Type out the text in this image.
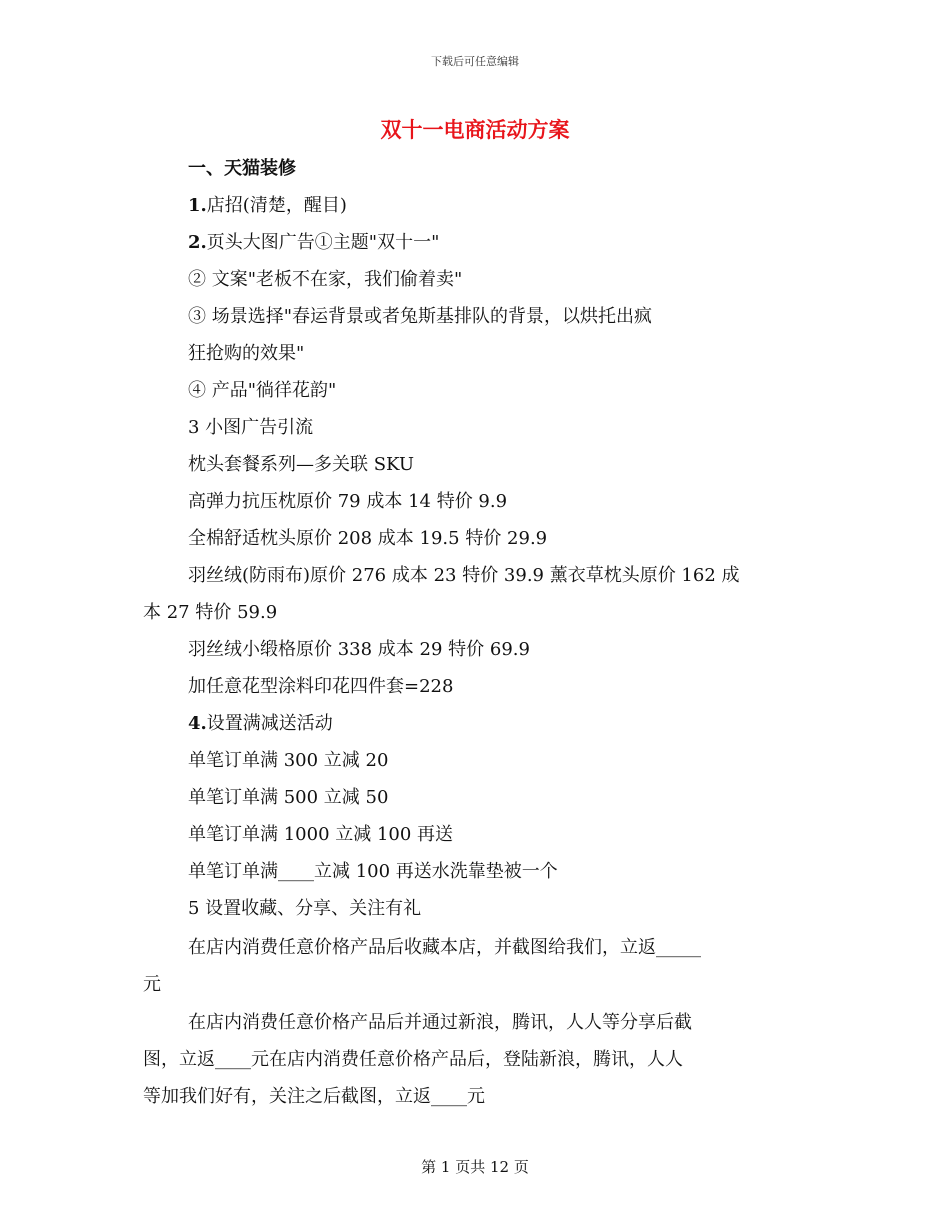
下载后可任意编辑
双十一电商活动方案
一、天猫装修
1.店招(清楚，醒目)
2.页头大图广告①主题"双十一"
② 文案"老板不在家，我们偷着卖"
③ 场景选择"春运背景或者兔斯基排队的背景，以烘托出疯
狂抢购的效果"
④ 产品"徜徉花韵"
3 小图广告引流
枕头套餐系列—多关联 SKU
高弹力抗压枕原价 79 成本 14 特价 9.9
全棉舒适枕头原价 208 成本 19.5 特价 29.9
羽丝绒(防雨布)原价 276 成本 23 特价 39.9 薰衣草枕头原价 162 成
本 27 特价 59.9
羽丝绒小缎格原价 338 成本 29 特价 69.9
加任意花型涂料印花四件套=228
4.设置满减送活动
单笔订单满 300 立减 20
单笔订单满 500 立减 50
单笔订单满 1000 立减 100 再送
单笔订单满____立减 100 再送水洗靠垫被一个
5 设置收藏、分享、关注有礼
在店内消费任意价格产品后收藏本店，并截图给我们，立返_____
元
在店内消费任意价格产品后并通过新浪，腾讯，人人等分享后截
图，立返____元在店内消费任意价格产品后，登陆新浪，腾讯，人人
等加我们好有，关注之后截图，立返____元
第 1 页共 12 页
